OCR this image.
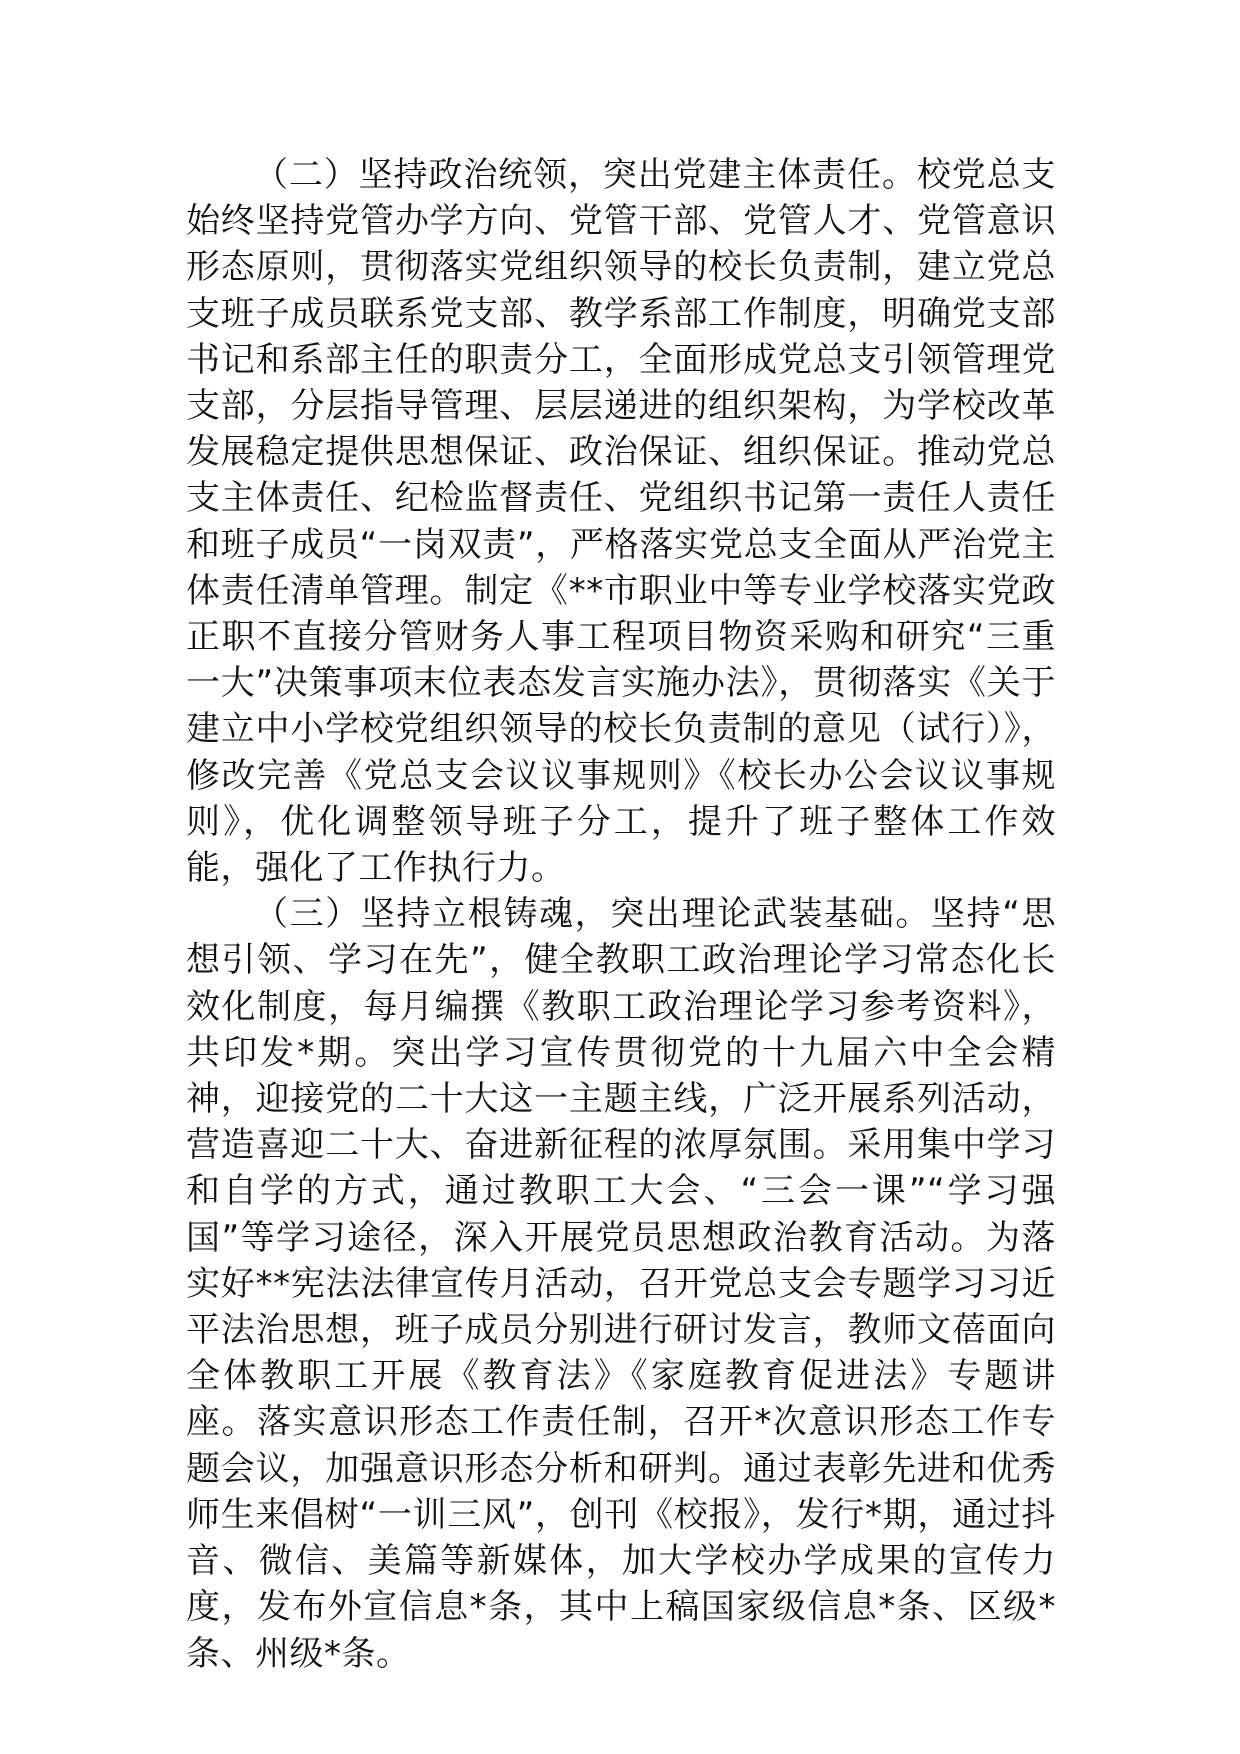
（二）坚持政治统领，突出党建主体责任。校党总支始终坚持党管办学方向、党管干部、党管人才、党管意识形态原则，贯彻落实党组织领导的校长负责制，建立党总支班子成员联系党支部、教学系部工作制度，明确党支部书记和系部主任的职责分工，全面形成党总支引领管理党支部，分层指导管理、层层递进的组织架构，为学校改革发展稳定提供思想保证、政治保证、组织保证。推动党总支主体责任、纪检监督责任、党组织书记第一责任人责任和班子成员“一岗双责”，严格落实党总支全面从严治党主体责任清单管理。制定《**市职业中等专业学校落实党政正职不直接分管财务人事工程项目物资采购和研究“三重一大”决策事项末位表态发言实施办法》，贯彻落实《关于建立中小学校党组织领导的校长负责制的意见（试行）》，修改完善《党总支会议议事规则》《校长办公会议议事规则》，优化调整领导班子分工，提升了班子整体工作效能，强化了工作执行力。

（三）坚持立根铸魂，突出理论武装基础。坚持“思想引领、学习在先”，健全教职工政治理论学习常态化长效化制度，每月编撰《教职工政治理论学习参考资料》，共印发*期。突出学习宣传贯彻党的十九届六中全会精神，迎接党的二十大这一主题主线，广泛开展系列活动，营造喜迎二十大、奋进新征程的浓厚氛围。采用集中学习和自学的方式，通过教职工大会、“三会一课”“学习强国”等学习途径，深入开展党员思想政治教育活动。为落实好**宪法法律宣传月活动，召开党总支会专题学习习近平法治思想，班子成员分别进行研讨发言，教师文蓓面向全体教职工开展《教育法》《家庭教育促进法》专题讲座。落实意识形态工作责任制，召开*次意识形态工作专题会议，加强意识形态分析和研判。通过表彰先进和优秀师生来倡树“一训三风”，创刊《校报》，发行*期，通过抖音、微信、美篇等新媒体，加大学校办学成果的宣传力度，发布外宣信息*条，其中上稿国家级信息*条、区级*条、州级*条。
